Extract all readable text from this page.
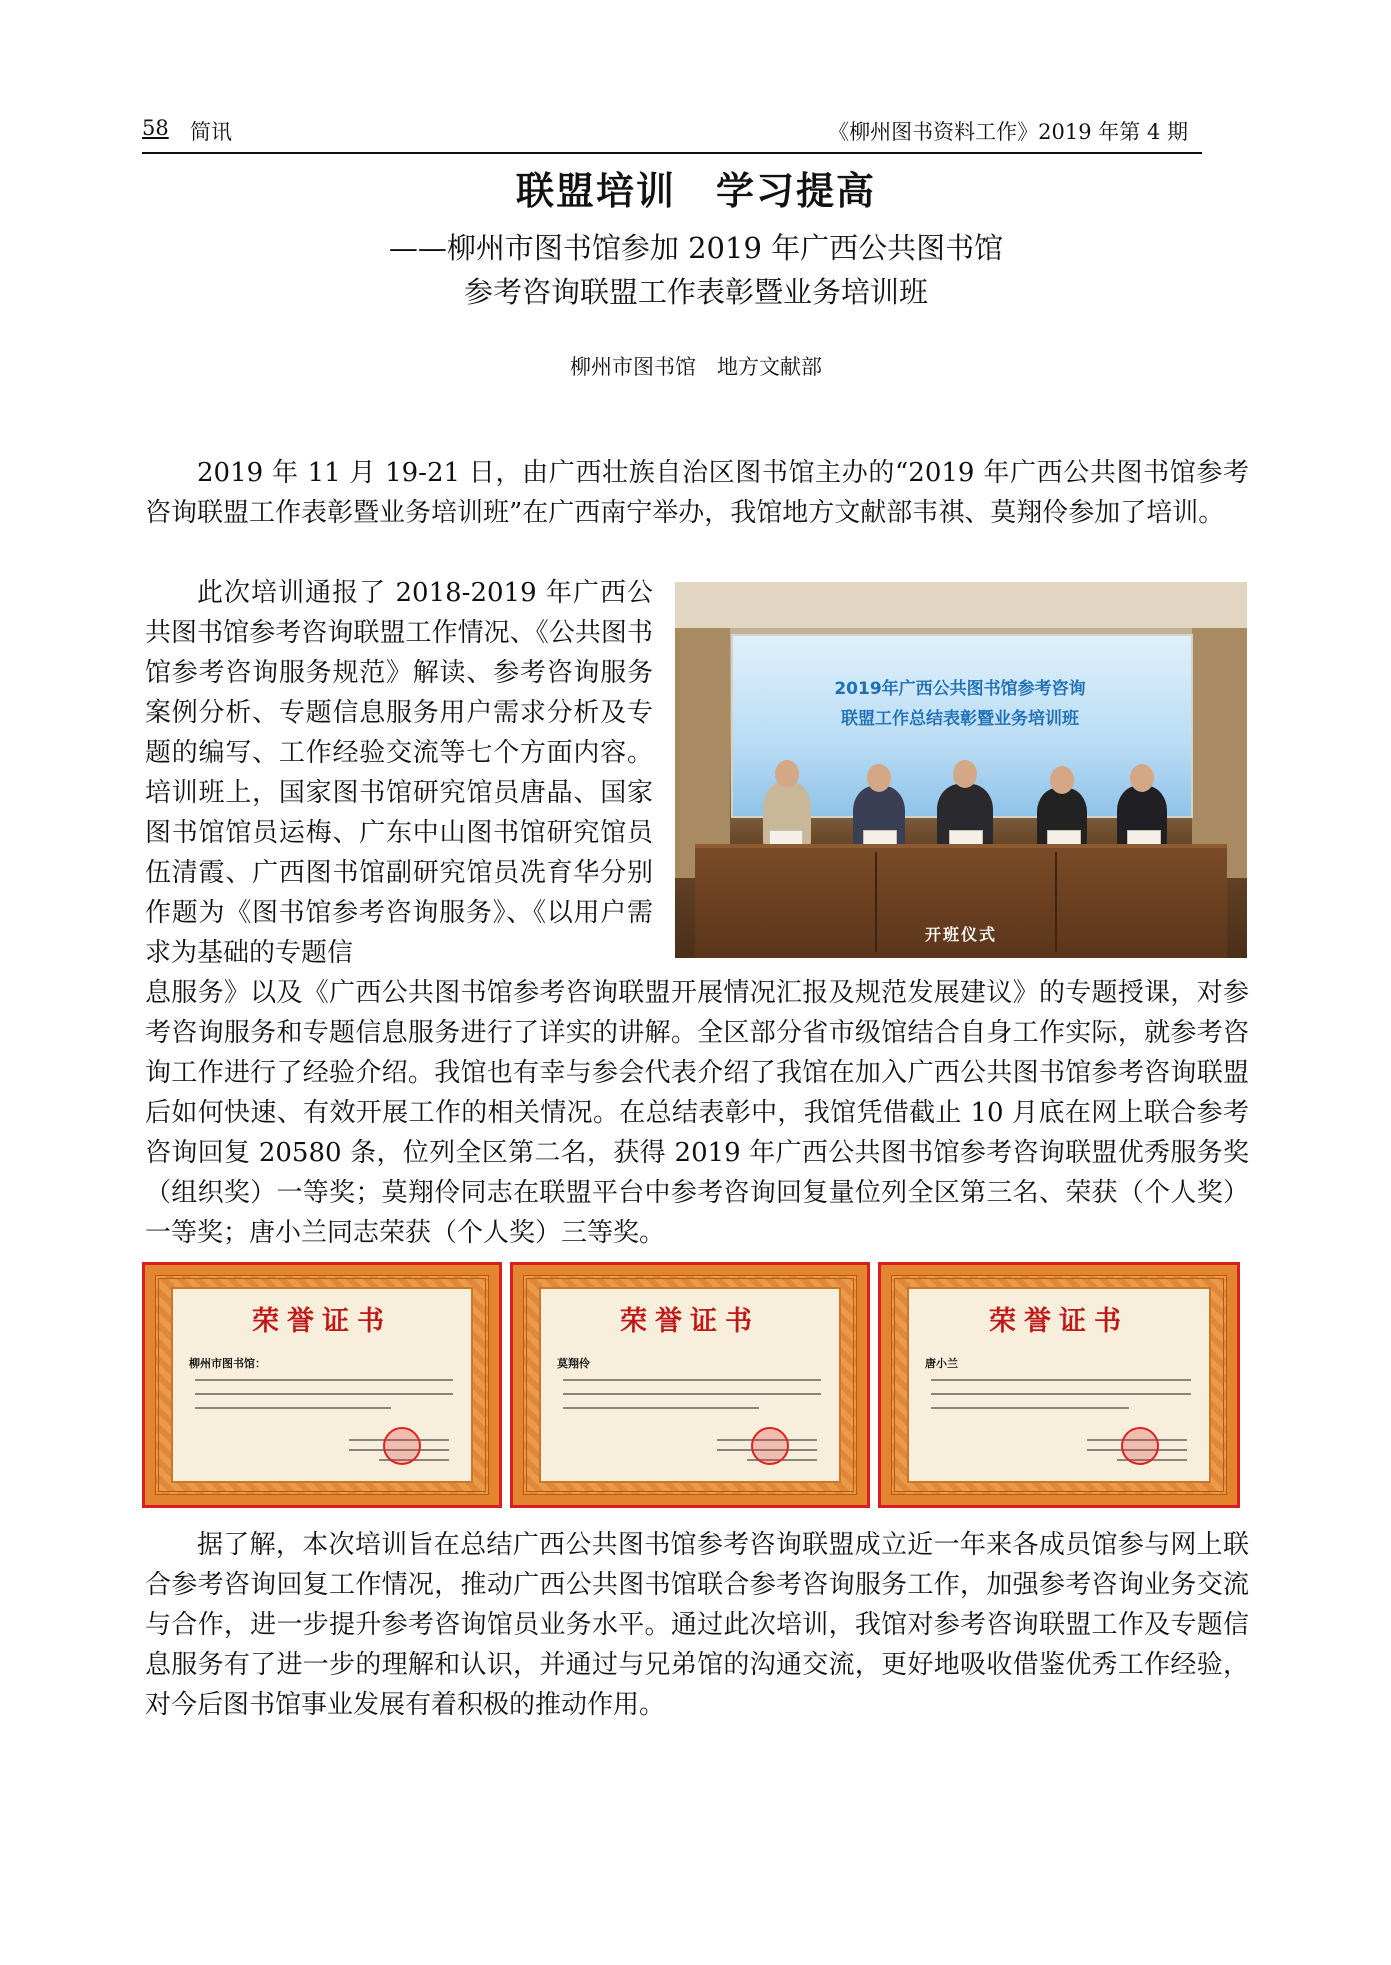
58 简讯	《柳州图书资料工作》2019 年第 4 期
联盟培训　学习提高
——柳州市图书馆参加 2019 年广西公共图书馆
参考咨询联盟工作表彰暨业务培训班
柳州市图书馆　地方文献部

2019 年 11 月 19-21 日，由广西壮族自治区图书馆主办的“2019 年广西公共图书馆参考咨询联盟工作表彰暨业务培训班”在广西南宁举办，我馆地方文献部韦祺、莫翔伶参加了培训。

此次培训通报了 2018-2019 年广西公共图书馆参考咨询联盟工作情况、《公共图书馆参考咨询服务规范》解读、参考咨询服务案例分析、专题信息服务用户需求分析及专题的编写、工作经验交流等七个方面内容。培训班上，国家图书馆研究馆员唐晶、国家图书馆馆员运梅、广东中山图书馆研究馆员伍清霞、广西图书馆副研究馆员冼育华分别作题为《图书馆参考咨询服务》、《以用户需求为基础的专题信

2019年广西公共图书馆参考咨询
联盟工作总结表彰暨业务培训班
开班仪式

息服务》以及《广西公共图书馆参考咨询联盟开展情况汇报及规范发展建议》的专题授课，对参考咨询服务和专题信息服务进行了详实的讲解。全区部分省市级馆结合自身工作实际，就参考咨询工作进行了经验介绍。我馆也有幸与参会代表介绍了我馆在加入广西公共图书馆参考咨询联盟后如何快速、有效开展工作的相关情况。在总结表彰中，我馆凭借截止 10 月底在网上联合参考咨询回复 20580 条，位列全区第二名，获得 2019 年广西公共图书馆参考咨询联盟优秀服务奖（组织奖）一等奖；莫翔伶同志在联盟平台中参考咨询回复量位列全区第三名、荣获（个人奖）一等奖；唐小兰同志荣获（个人奖）三等奖。

荣誉证书
柳州市图书馆：
荣誉证书
莫翔伶
荣誉证书
唐小兰

据了解，本次培训旨在总结广西公共图书馆参考咨询联盟成立近一年来各成员馆参与网上联合参考咨询回复工作情况，推动广西公共图书馆联合参考咨询服务工作，加强参考咨询业务交流与合作，进一步提升参考咨询馆员业务水平。通过此次培训，我馆对参考咨询联盟工作及专题信息服务有了进一步的理解和认识，并通过与兄弟馆的沟通交流，更好地吸收借鉴优秀工作经验，对今后图书馆事业发展有着积极的推动作用。
